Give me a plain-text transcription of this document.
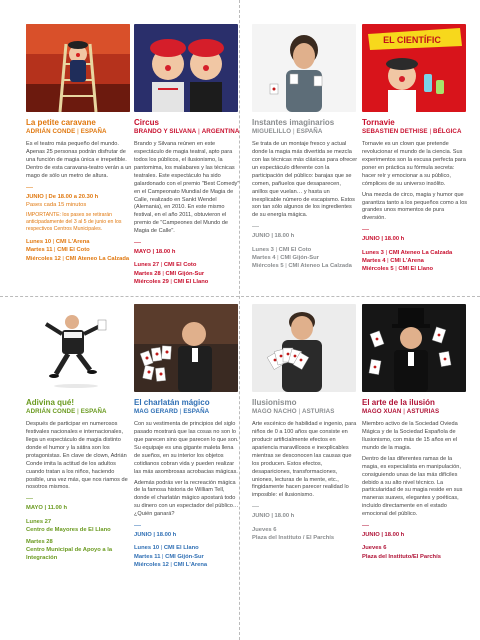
La petite caravane
ADRIÁN CONDE | ESPAÑA

Es el teatro más pequeño del mundo. Apenas 25 personas podrán disfrutar de una función de magia única e irrepetible. Dentro de esta caravana-teatro verán a un mago de sólo un metro de altura.

—
JUNIO | De 18.00 a 20.30 h
Pases cada 15 minutos
IMPORTANTE: los pases se retirarán anticipadamente del 3 al 5 de junio en los respectivos Centros Municipales.
Lunes 10 | CMI L'Arena
Martes 11 | CMI El Coto
Miércoles 12 | CMI Ateneo La Calzada
Circus
BRANDO Y SILVANA | ARGENTINA

Brando y Silvana reúnen en este espectáculo de magia teatral, apto para todos los públicos, el ilusionismo, la pantomima, los malabares y las técnicas teatrales. Este espectáculo ha sido galardonado con el premio "Best Comedy" en el Campeonato Mundial de Magia de Calle, realizado en Sankt Wendel (Alemania), en 2010. En este mismo festival, en el año 2011, obtuvieron el premio de "Campeones del Mundo de Magia de Calle".

—
MAYO | 18.00 h
Lunes 27 | CMI El Coto
Martes 28 | CMI Gijón-Sur
Miércoles 29 | CMI El Llano
Instantes imaginarios
MIGUELILLO | ESPAÑA

Se trata de un montaje fresco y actual donde la magia más divertida se mezcla con las técnicas más clásicas para ofrecer un espectáculo diferente con la participación del público: barajas que se comen, pañuelos que desaparecen, anillos que vuelan… y hasta un inexplicable número de escapismo. Estos son tan sólo algunos de los ingredientes de su energía mágica.

—
JUNIO | 18.00 h
Lunes 3 | CMI El Coto
Martes 4 | CMI Gijón-Sur
Miércoles 5 | CMI Ateneo La Calzada
EL CIENTÍFIC
Tornavie
SEBASTIEN DETHISE | BÉLGICA

Tornavie es un clown que pretende revolucionar el mundo de la ciencia. Sus experimentos son la excusa perfecta para poner en práctica su fórmula secreta: hacer reír y emocionar a su público, cómplices de su universo insólito.

Una mezcla de circo, magia y humor que garantiza tanto a los pequeños como a los grandes unos momentos de pura diversión.

—
JUNIO | 18.00 h
Lunes 3 | CMI Ateneo La Calzada
Martes 4 | CMI L'Arena
Miércoles 5 | CMI El Llano
Adivina qué!
ADRIÁN CONDE | ESPAÑA

Después de participar en numerosos festivales nacionales e internacionales, llega un espectáculo de magia distinto donde el humor y la sátira son los protagonistas. En clave de clown, Adrián Conde imita la actitud de los adultos cuando tratan a los niños, haciendo posible, una vez más, que nos riamos de nosotros mismos.

—
MAYO | 11.00 h
Lunes 27
Centro de Mayores de El Llano
Martes 28
Centro Municipal de Apoyo a la Integración
El charlatán mágico
MAG GERARD | ESPAÑA

Con su vestimenta de principios del siglo pasado mostrará que las cosas no son lo que parecen sino que parecen lo que son. Su equipaje es una gigante maleta llena de sueños, en su interior los objetos cotidianos cobran vida y pueden realizar las más asombrosas acrobacias mágicas.

Además podrás ver la recreación mágica de la famosa historia de William Tell, donde el charlatán mágico apostará todo su dinero con un espectador del público… ¿Quién ganará?

—
JUNIO | 18.00 h
Lunes 10 | CMI El Llano
Martes 11 | CMI Gijón-Sur
Miércoles 12 | CMI L'Arena
Ilusionismo
MAGO NACHO | ASTURIAS

Arte escénico de habilidad e ingenio, para niños de 0 a 100 años que consiste en producir artificialmente efectos en apariencia maravillosos e inexplicables mientras se desconocen las causas que los producen. Estos efectos, desapariciones, transformaciones, uniones, lecturas de la mente, etc., fingidamente hacen parecer realidad lo imposible: el ilusionismo.

—
JUNIO | 18.00 h
Jueves 6
Plaza del Instituto / El Parchís
El arte de la ilusión
MAGO XUAN | ASTURIAS

Miembro activo de la Sociedad Ovieda Mágica y de la Sociedad Española de Ilusionismo, con más de 15 años en el mundo de la magia.

Dentro de las diferentes ramas de la magia, es especialista en manipulación, consiguiendo unas de las más difíciles debido a su alto nivel técnico. La particularidad de su magia reside en sus maneras suaves, elegantes y poéticas, incluido directamente en el estado emocional del público.

—
JUNIO | 18.00 h
Jueves 6
Plaza del Instituto/El Parchís
